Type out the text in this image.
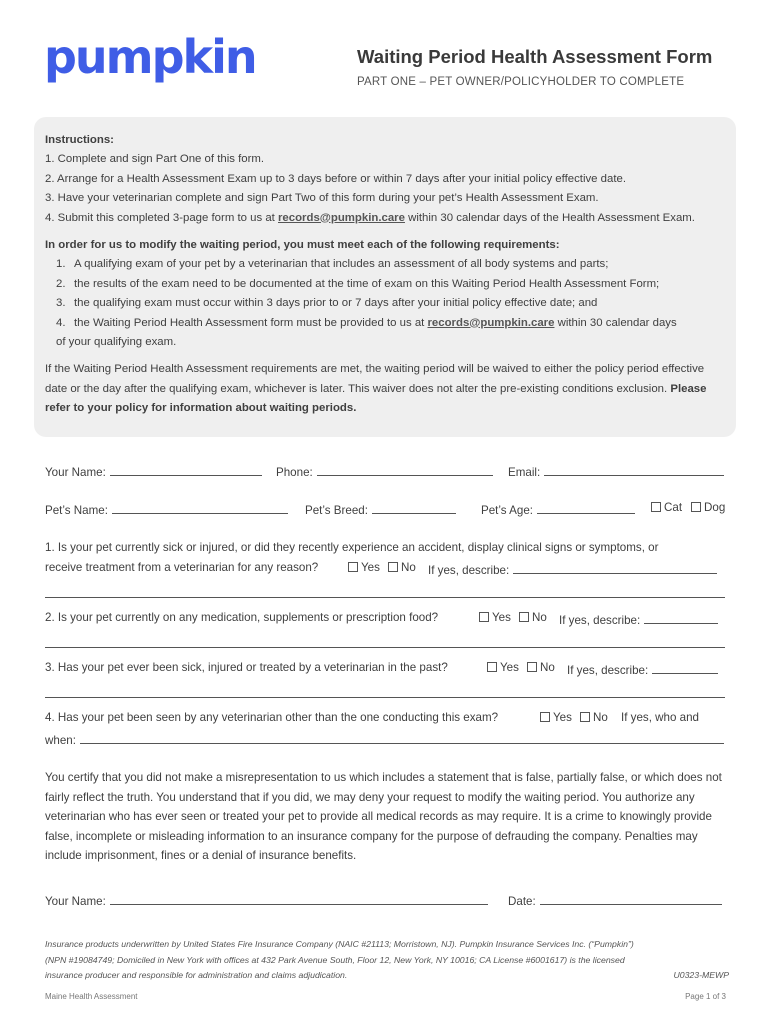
pumpkin	Waiting Period Health Assessment Form
PART ONE – PET OWNER/POLICYHOLDER TO COMPLETE

Instructions:

1. Complete and sign Part One of this form.

2. Arrange for a Health Assessment Exam up to 3 days before or within 7 days after your initial policy effective date.

3. Have your veterinarian complete and sign Part Two of this form during your pet’s Health Assessment Exam.

4. Submit this completed 3-page form to us at records@pumpkin.care within 30 calendar days of the Health Assessment Exam.

In order for us to modify the waiting period, you must meet each of the following requirements:

1. A qualifying exam of your pet by a veterinarian that includes an assessment of all body systems and parts;

2. the results of the exam need to be documented at the time of exam on this Waiting Period Health Assessment Form;

3. the qualifying exam must occur within 3 days prior to or 7 days after your initial policy effective date; and

4. the Waiting Period Health Assessment form must be provided to us at records@pumpkin.care within 30 calendar days

of your qualifying exam.

If the Waiting Period Health Assessment requirements are met, the waiting period will be waived to either the policy period effective date or the day after the qualifying exam, whichever is later. This waiver does not alter the pre-existing conditions exclusion. Please refer to your policy for information about waiting periods.

Your Name:	Phone:	Email:
Pet’s Name:	Pet’s Breed:	Pet’s Age:	Cat	Dog
1. Is your pet currently sick or injured, or did they recently experience an accident, display clinical signs or symptoms, or
receive treatment from a veterinarian for any reason?	Yes	No If yes, describe:
2. Is your pet currently on any medication, supplements or prescription food?	Yes	No If yes, describe:
3. Has your pet ever been sick, injured or treated by a veterinarian in the past?	Yes	No If yes, describe:
4. Has your pet been seen by any veterinarian other than the one conducting this exam?	Yes	No If yes, who and
when:
You certify that you did not make a misrepresentation to us which includes a statement that is false, partially false, or which does not fairly reflect the truth. You understand that if you did, we may deny your request to modify the waiting period. You authorize any veterinarian who has ever seen or treated your pet to provide all medical records as may require. It is a crime to knowingly provide false, incomplete or misleading information to an insurance company for the purpose of defrauding the company. Penalties may include imprisonment, fines or a denial of insurance benefits.
Your Name:	Date:
Insurance products underwritten by United States Fire Insurance Company (NAIC #21113; Morristown, NJ). Pumpkin Insurance Services Inc. (“Pumpkin”)
(NPN #19084749; Domiciled in New York with offices at 432 Park Avenue South, Floor 12, New York, NY 10016; CA License #6001617) is the licensed
insurance producer and responsible for administration and claims adjudication.	U0323-MEWP
Maine Health Assessment	Page 1 of 3
